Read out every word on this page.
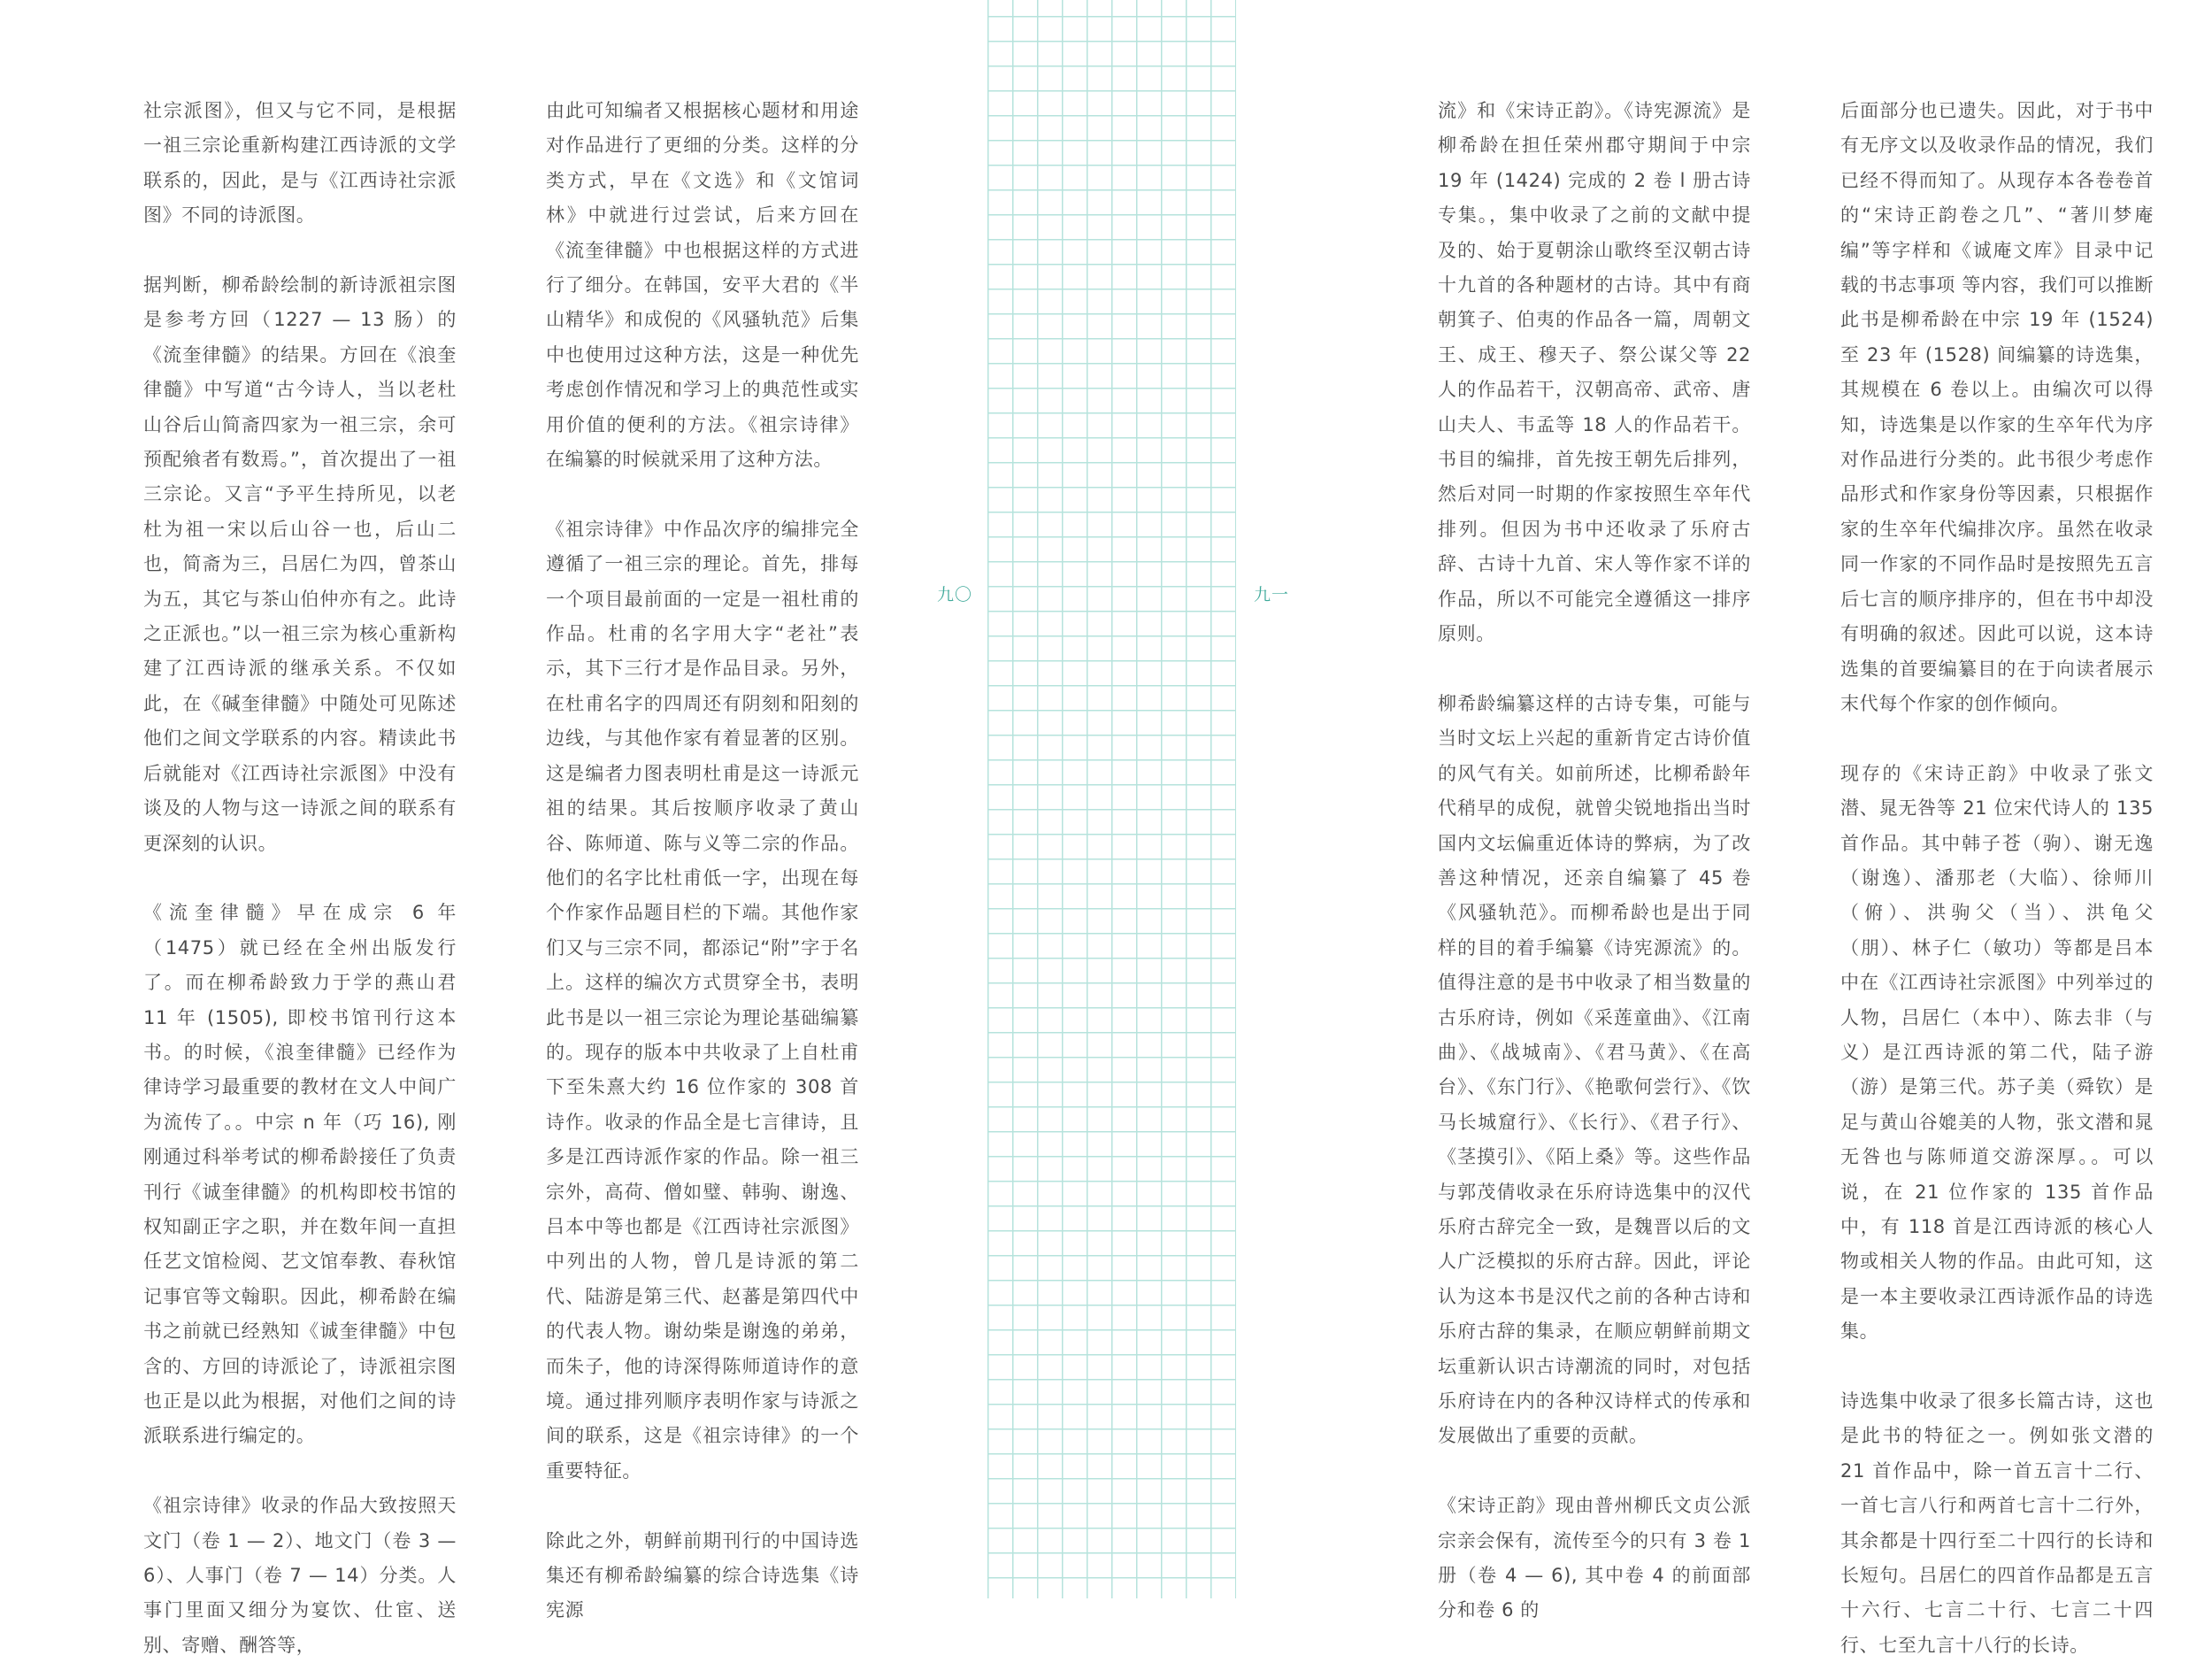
社宗派图》，但又与它不同，是根据一祖三宗论重新构建江西诗派的文学联系的，因此，是与《江西诗社宗派图》不同的诗派图。

据判断，柳希龄绘制的新诗派祖宗图是参考方回（1227 — 13 肠）的《流奎律髓》的结果。方回在《浪奎律髓》中写道“古今诗人，当以老杜山谷后山简斋四家为一祖三宗，余可预配飨者有数焉。”，首次提出了一祖三宗论。又言“予平生持所见，以老杜为祖一宋以后山谷一也，后山二也，简斋为三，吕居仁为四，曾茶山为五，其它与茶山伯仲亦有之。此诗之正派也。”以一祖三宗为核心重新构建了江西诗派的继承关系。不仅如此，在《碱奎律髓》中随处可见陈述他们之间文学联系的内容。精读此书后就能对《江西诗社宗派图》中没有谈及的人物与这一诗派之间的联系有更深刻的认识。

《流奎律髓》早在成宗 6 年（1475）就已经在全州出版发行了。而在柳希龄致力于学的燕山君 11 年 (1505), 即校书馆刊行这本书。的时候，《浪奎律髓》已经作为律诗学习最重要的教材在文人中间广为流传了。。中宗 n 年（巧 16), 刚刚通过科举考试的柳希龄接任了负责刊行《诚奎律髓》的机构即校书馆的权知副正字之职，并在数年间一直担任艺文馆检阅、艺文馆奉教、春秋馆记事官等文翰职。因此，柳希龄在编书之前就已经熟知《诚奎律髓》中包含的、方回的诗派论了，诗派祖宗图也正是以此为根据，对他们之间的诗派联系进行编定的。

《祖宗诗律》收录的作品大致按照天文门（卷 1 — 2）、地文门（卷 3 — 6）、人事门（卷 7 — 14）分类。人事门里面又细分为宴饮、仕宦、送别、寄赠、酬答等，

由此可知编者又根据核心题材和用途对作品进行了更细的分类。这样的分类方式，早在《文选》和《文馆词林》中就进行过尝试，后来方回在《流奎律髓》中也根据这样的方式进行了细分。在韩国，安平大君的《半山精华》和成倪的《风骚轨范》后集中也使用过这种方法，这是一种优先考虑创作情况和学习上的典范性或实用价值的便利的方法。《祖宗诗律》在编纂的时候就采用了这种方法。

《祖宗诗律》中作品次序的编排完全遵循了一祖三宗的理论。首先，排每一个项目最前面的一定是一祖杜甫的作品。杜甫的名字用大字“老社”表示，其下三行才是作品目录。另外，在杜甫名字的四周还有阴刻和阳刻的边线，与其他作家有着显著的区别。这是编者力图表明杜甫是这一诗派元祖的结果。其后按顺序收录了黄山谷、陈师道、陈与义等二宗的作品。他们的名字比杜甫低一字，出现在每个作家作品题目栏的下端。其他作家们又与三宗不同，都添记“附”字于名上。这样的编次方式贯穿全书，表明此书是以一祖三宗论为理论基础编纂的。现存的版本中共收录了上自杜甫下至朱熹大约 16 位作家的 308 首诗作。收录的作品全是七言律诗，且多是江西诗派作家的作品。除一祖三宗外，高荷、僧如璧、韩驹、谢逸、吕本中等也都是《江西诗社宗派图》中列出的人物，曾几是诗派的第二代、陆游是第三代、赵蕃是第四代中的代表人物。谢幼柴是谢逸的弟弟，而朱子，他的诗深得陈师道诗作的意境。通过排列顺序表明作家与诗派之间的联系，这是《祖宗诗律》的一个重要特征。

除此之外，朝鲜前期刊行的中国诗选集还有柳希龄编纂的综合诗选集《诗宪源

九〇	九一

流》和《宋诗正韵》。《诗宪源流》是柳希龄在担任荣州郡守期间于中宗 19 年 (1424) 完成的 2 卷 l 册古诗专集。，集中收录了之前的文献中提及的、始于夏朝涂山歌终至汉朝古诗十九首的各种题材的古诗。其中有商朝箕子、伯夷的作品各一篇，周朝文王、成王、穆天子、祭公谋父等 22 人的作品若干，汉朝高帝、武帝、唐山夫人、韦孟等 18 人的作品若干。书目的编排，首先按王朝先后排列，然后对同一时期的作家按照生卒年代排列。但因为书中还收录了乐府古辞、古诗十九首、宋人等作家不详的作品，所以不可能完全遵循这一排序原则。

柳希龄编纂这样的古诗专集，可能与当时文坛上兴起的重新肯定古诗价值的风气有关。如前所述，比柳希龄年代稍早的成倪，就曾尖锐地指出当时国内文坛偏重近体诗的弊病，为了改善这种情况，还亲自编纂了 45 卷《风骚轨范》。而柳希龄也是出于同样的目的着手编纂《诗宪源流》的。值得注意的是书中收录了相当数量的古乐府诗，例如《采莲童曲》、《江南曲》、《战城南》、《君马黄》、《在高台》、《东门行》、《艳歌何尝行》、《饮马长城窟行》、《长行》、《君子行》、《茎摸引》、《陌上桑》等。这些作品与郭茂倩收录在乐府诗选集中的汉代乐府古辞完全一致，是魏晋以后的文人广泛模拟的乐府古辞。因此，评论认为这本书是汉代之前的各种古诗和乐府古辞的集录，在顺应朝鲜前期文坛重新认识古诗潮流的同时，对包括乐府诗在内的各种汉诗样式的传承和发展做出了重要的贡献。

《宋诗正韵》现由普州柳氏文贞公派宗亲会保有，流传至今的只有 3 卷 1 册（卷 4 — 6), 其中卷 4 的前面部分和卷 6 的

后面部分也已遗失。因此，对于书中有无序文以及收录作品的情况，我们已经不得而知了。从现存本各卷卷首的“宋诗正韵卷之几”、“著川梦庵编”等字样和《诚庵文库》目录中记载的书志事项 等内容，我们可以推断此书是柳希龄在中宗 19 年 (1524) 至 23 年 (1528) 间编纂的诗选集，其规模在 6 卷以上。由编次可以得知，诗选集是以作家的生卒年代为序对作品进行分类的。此书很少考虑作品形式和作家身份等因素，只根据作家的生卒年代编排次序。虽然在收录同一作家的不同作品时是按照先五言后七言的顺序排序的，但在书中却没有明确的叙述。因此可以说，这本诗选集的首要编纂目的在于向读者展示末代每个作家的创作倾向。

现存的《宋诗正韵》中收录了张文潜、晁无咎等 21 位宋代诗人的 135 首作品。其中韩子苍（驹）、谢无逸（谢逸）、潘那老（大临）、徐师川（俯）、洪驹父（当）、洪龟父（朋）、林子仁（敏功）等都是吕本中在《江西诗社宗派图》中列举过的人物，吕居仁（本中）、陈去非（与义）是江西诗派的第二代，陆子游（游）是第三代。苏子美（舜钦）是足与黄山谷媲美的人物，张文潜和晁无咎也与陈师道交游深厚。。可以说，在 21 位作家的 135 首作品中，有 118 首是江西诗派的核心人物或相关人物的作品。由此可知，这是一本主要收录江西诗派作品的诗选集。

诗选集中收录了很多长篇古诗，这也是此书的特征之一。例如张文潜的 21 首作品中，除一首五言十二行、一首七言八行和两首七言十二行外，其余都是十四行至二十四行的长诗和长短句。吕居仁的四首作品都是五言十六行、七言二十行、七言二十四行、七至九言十八行的长诗。
